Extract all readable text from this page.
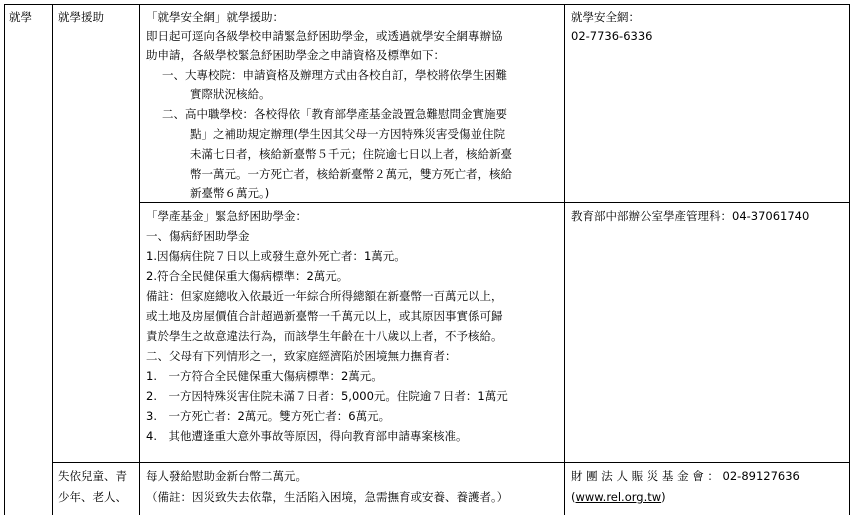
就學 就學援助
失依兒童、青
少年、老人、
「就學安全網」就學援助：
即日起可逕向各級學校申請緊急紓困助學金，或透過就學安全網專辦協
助申請，各級學校緊急紓困助學金之申請資格及標準如下：
一、大專校院：申請資格及辦理方式由各校自訂，學校將依學生困難
實際狀況核給。
二、高中職學校：各校得依「教育部學產基金設置急難慰問金實施要
點」之補助規定辦理(學生因其父母一方因特殊災害受傷並住院
未滿七日者，核給新臺幣５千元；住院逾七日以上者，核給新臺
幣一萬元。一方死亡者，核給新臺幣２萬元，雙方死亡者，核給
新臺幣６萬元。)
就學安全網：
02-7736-6336
「學產基金」緊急紓困助學金：
一、傷病紓困助學金
1.因傷病住院７日以上或發生意外死亡者：1萬元。
2.符合全民健保重大傷病標準：2萬元。
備註：但家庭總收入依最近一年綜合所得總額在新臺幣一百萬元以上，
或土地及房屋價值合計超過新臺幣一千萬元以上，或其原因事實係可歸
責於學生之故意違法行為，而該學生年齡在十八歲以上者，不予核給。
二、父母有下列情形之一，致家庭經濟陷於困境無力撫育者：
1.　一方符合全民健保重大傷病標準：2萬元。
2.　一方因特殊災害住院未滿７日者：5,000元。住院逾７日者：1萬元
3.　一方死亡者：2萬元。雙方死亡者：6萬元。
4.　其他遭逢重大意外事故等原因，得向教育部申請專案核准。
教育部中部辦公室學產管理科：04-37061740
每人發給慰助金新台幣二萬元。
（備註：因災致失去依靠，生活陷入困境，急需撫育或安養、養護者。）
財 團 法 人 賑 災 基 金 會 ： 02-89127636
(www.rel.org.tw)
